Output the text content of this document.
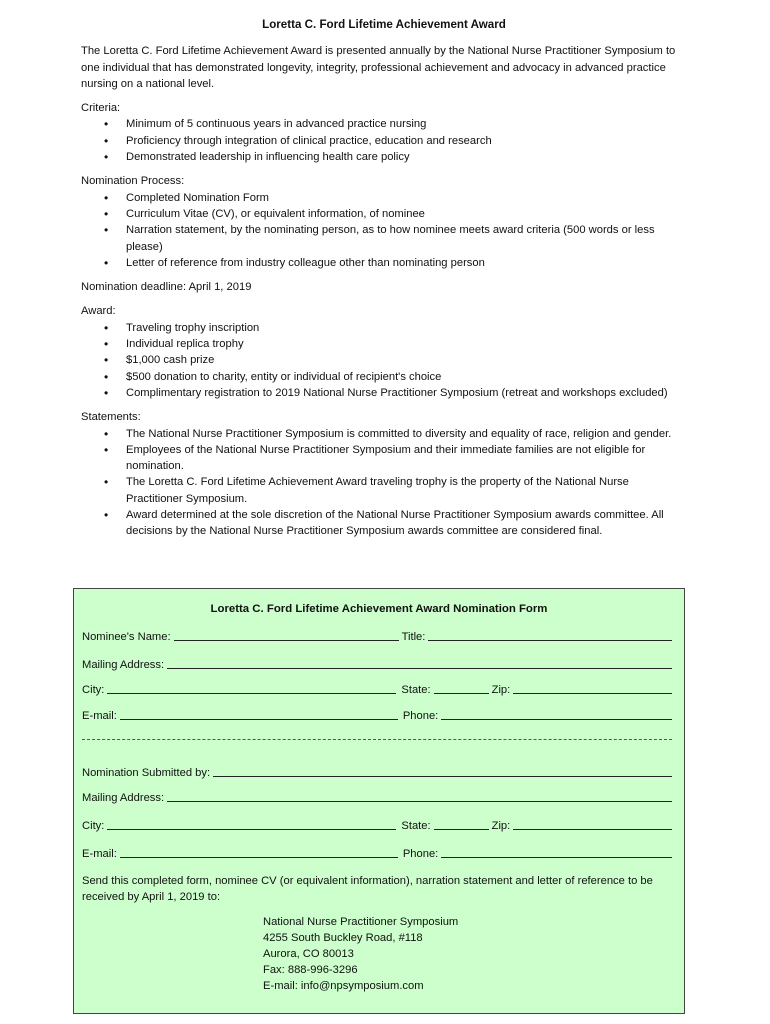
Loretta C. Ford Lifetime Achievement Award

The Loretta C. Ford Lifetime Achievement Award is presented annually by the National Nurse Practitioner Symposium to one individual that has demonstrated longevity, integrity, professional achievement and advocacy in advanced practice nursing on a national level.

Criteria:
• Minimum of 5 continuous years in advanced practice nursing
• Proficiency through integration of clinical practice, education and research
• Demonstrated leadership in influencing health care policy
Nomination Process:
• Completed Nomination Form
• Curriculum Vitae (CV), or equivalent information, of nominee
• Narration statement, by the nominating person, as to how nominee meets award criteria (500 words or less please)
• Letter of reference from industry colleague other than nominating person

Nomination deadline: April 1, 2019

Award:
• Traveling trophy inscription
• Individual replica trophy
• $1,000 cash prize
• $500 donation to charity, entity or individual of recipient's choice
• Complimentary registration to 2019 National Nurse Practitioner Symposium (retreat and workshops excluded)
Statements:
• The National Nurse Practitioner Symposium is committed to diversity and equality of race, religion and gender.
• Employees of the National Nurse Practitioner Symposium and their immediate families are not eligible for nomination.
• The Loretta C. Ford Lifetime Achievement Award traveling trophy is the property of the National Nurse Practitioner Symposium.
• Award determined at the sole discretion of the National Nurse Practitioner Symposium awards committee. All decisions by the National Nurse Practitioner Symposium awards committee are considered final.
Loretta C. Ford Lifetime Achievement Award Nomination Form
Nominee's Name:	Title:
Mailing Address:
City:	State:	Zip:
E-mail:	Phone:
Nomination Submitted by:
Mailing Address:
City:	State:	Zip:
E-mail:	Phone:
Send this completed form, nominee CV (or equivalent information), narration statement and letter of reference to be received by April 1, 2019 to:
National Nurse Practitioner Symposium
4255 South Buckley Road, #118
Aurora, CO 80013
Fax: 888-996-3296
E-mail: info@npsymposium.com
